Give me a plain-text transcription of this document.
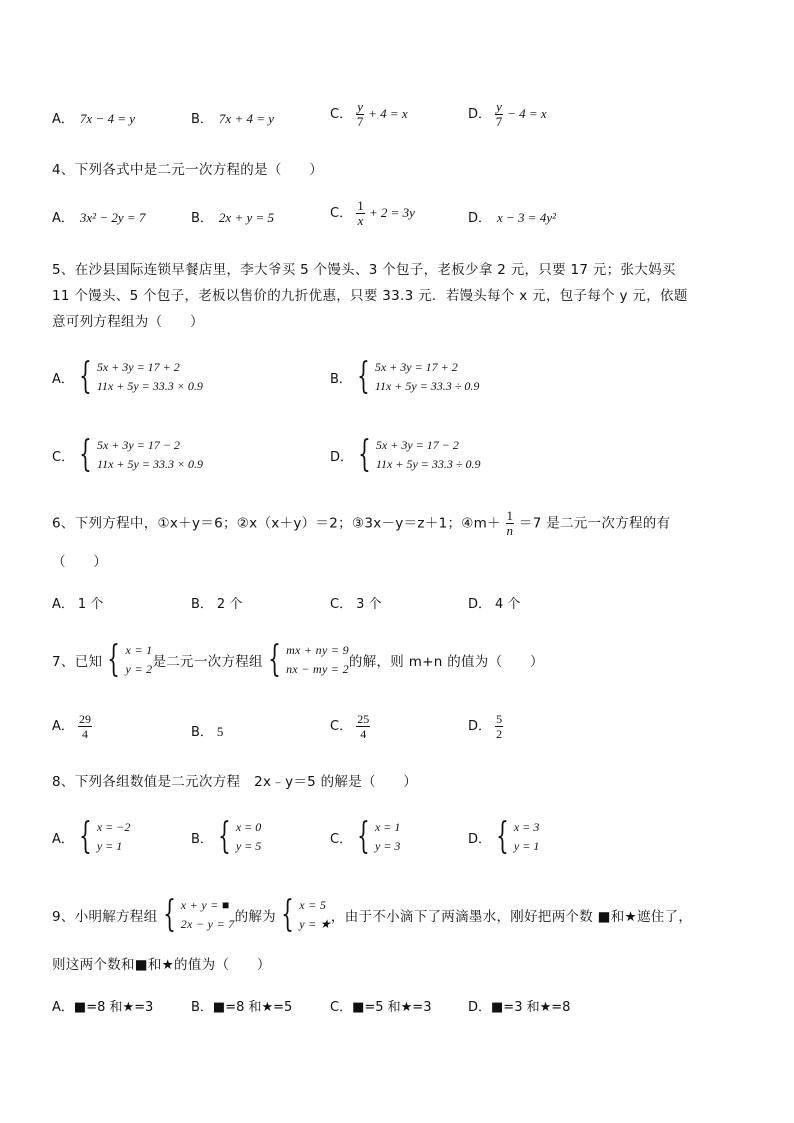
A． 7x − 4 = y	B． 7x + 4 = y	C． $\frac{y}{7} + 4 = x$	D． $\frac{y}{7} - 4 = x$
4、下列各式中是二元一次方程的是（　　）
A． 3x² − 2y = 7	B． 2x + y = 5	C． $\frac{1}{x} + 2 = 3y$	D． x − 3 = 4y²
5、在沙县国际连锁早餐店里，李大爷买 5 个馒头、3 个包子，老板少拿 2 元，只要 17 元；张大妈买
11 个馒头、5 个包子，老板以售价的九折优惠，只要 33.3 元．若馒头每个 x 元，包子每个 y 元，依题
意可列方程组为（　　）
A． { 5x + 3y = 17 + 2
11x + 5y = 33.3 × 0.9	B． { 5x + 3y = 17 + 2
11x + 5y = 33.3 ÷ 0.9
C． { 5x + 3y = 17 − 2
11x + 5y = 33.3 × 0.9	D． { 5x + 3y = 17 − 2
11x + 5y = 33.3 ÷ 0.9
6、下列方程中，①x＋y＝6；②x（x＋y）＝2；③3x－y＝z＋1；④m＋ $\frac{1}{n} =7$ 是二元一次方程的有
（　　）
A． 1 个	B． 2 个	C． 3 个	D． 4 个
7、已知 { x = 1
y = 2 是二元一次方程组 { mx + ny = 9
nx − my = 2 的解，则 m+n 的值为（　　）
A． $\frac{29}{4}$	B． 5	C． $\frac{25}{4}$	D． $\frac{5}{2}$
8、下列各组数值是二元次方程　2x﹣y＝5 的解是（　　）
A． { x = −2
y = 1	B． { x = 0
y = 5	C． { x = 1
y = 3	D． { x = 3
y = 1
9、小明解方程组 { x + y = ■
2x − y = 7 的解为 { x = 5
y = ★ ，由于不小滴下了两滴墨水，刚好把两个数 ■和★遮住了，
则这两个数和■和★的值为（　　）
A．■=8 和★=3	B．■=8 和★=5	C．■=5 和★=3	D．■=3 和★=8
